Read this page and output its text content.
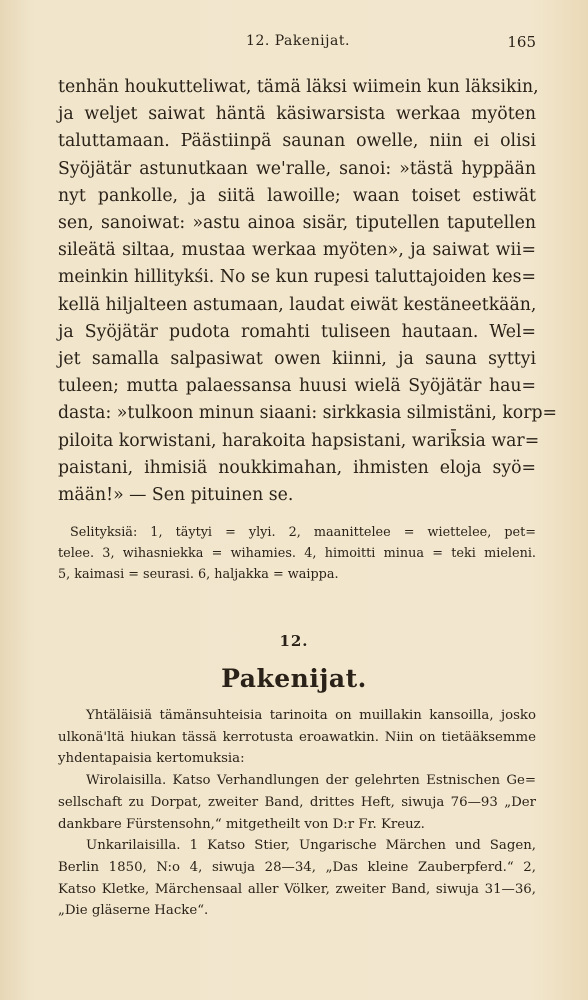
12. Pakenijat.	165
tenhän houkutteliwat, tämä läksi wiimein kun läksikin,
ja weljet saiwat häntä käsiwarsista werkaa myöten
taluttamaan. Päästiinpä saunan owelle, niin ei olisi
Syöjätär astunutkaan we'ralle, sanoi: »tästä hyppään
nyt pankolle, ja siitä lawoille; waan toiset estiwät
sen, sanoiwat: »astu ainoa sisär, tiputellen taputellen
sileätä siltaa, mustaa werkaa myöten», ja saiwat wii=
meinkin hillitykśi. No se kun rupesi taluttajoiden kes=
kellä hiljalteen astumaan, laudat eiwät kestäneetkään,
ja Syöjätär pudota romahti tuliseen hautaan. Wel=
jet samalla salpasiwat owen kiinni, ja sauna syttyi
tuleen; mutta palaessansa huusi wielä Syöjätär hau=
dasta: »tulkoon minun siaani: sirkkasia silmistäni, korp=
piloita korwistani, harakoita hapsistani, warik̄sia war=
paistani, ihmisiä noukkimahan, ihmisten eloja syö=
mään!» — Sen pituinen se.
Selityksiä: 1, täytyi = ylyi. 2, maanittelee = wiettelee, pet=
telee. 3, wihasniekka = wihamies. 4, himoitti minua = teki mieleni.
5, kaimasi = seurasi. 6, haljakka = waippa.
12.
Pakenijat.
Yhtäläisiä tämänsuhteisia tarinoita on muillakin kansoilla, josko
ulkonä'ltä hiukan tässä kerrotusta eroawatkin. Niin on tietääksemme
yhdentapaisia kertomuksia:
Wirolaisilla. Katso Verhandlungen der gelehrten Estnischen Ge=
sellschaft zu Dorpat, zweiter Band, drittes Heft, siwuja 76—93 „Der
dankbare Fürstensohn,“ mitgetheilt von D:r Fr. Kreuz.
Unkarilaisilla. 1 Katso Stier, Ungarische Märchen und Sagen,
Berlin 1850, N:o 4, siwuja 28—34, „Das kleine Zauberpferd.“ 2,
Katso Kletke, Märchensaal aller Völker, zweiter Band, siwuja 31—36,
„Die gläserne Hacke“.
